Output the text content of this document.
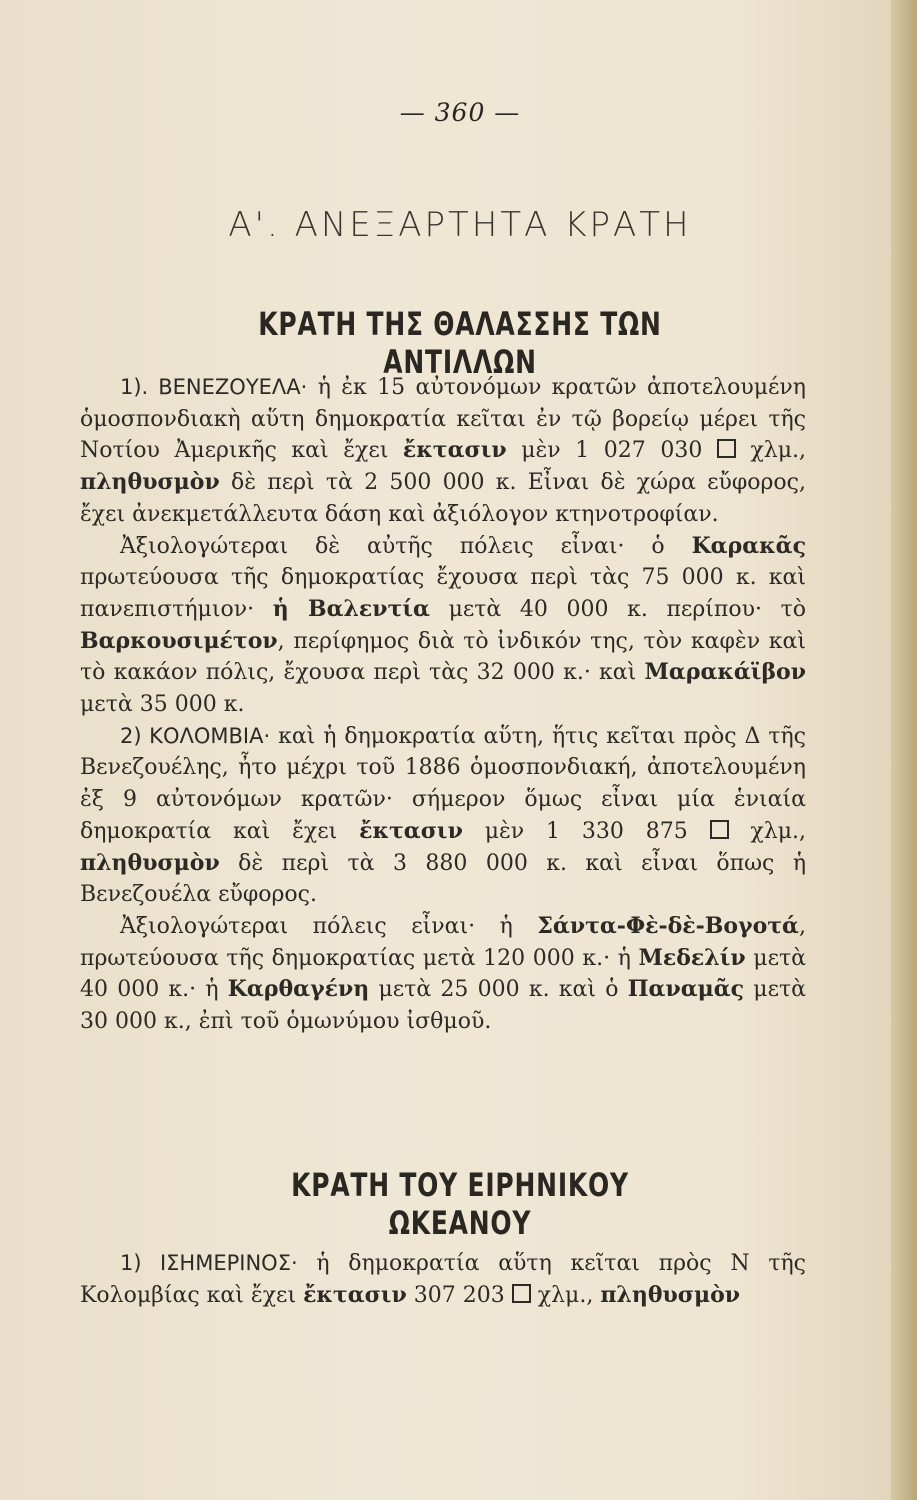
— 360 —
Α'. ΑΝΕΞΑΡΤΗΤΑ ΚΡΑΤΗ
ΚΡΑΤΗ ΤΗΣ ΘΑΛΑΣΣΗΣ ΤΩΝ ΑΝΤΙΛΛΩΝ

1). ΒΕΝΕΖΟΥΕΛΑ· ἡ ἐκ 15 αὐτονόμων κρατῶν ἀποτελουμένη ὁμοσπονδιακὴ αὕτη δημοκρατία κεῖται ἐν τῷ βορείῳ μέρει τῆς Νοτίου Ἀμερικῆς καὶ ἔχει ἔκτασιν μὲν 1 027 030  χλμ., πληθυσμὸν δὲ περὶ τὰ 2 500 000 κ. Εἶναι δὲ χώρα εὔφορος, ἔχει ἀνεκμετάλλευτα δάση καὶ ἀξιόλογον κτηνοτροφίαν.

Ἀξιολογώτεραι δὲ αὐτῆς πόλεις εἶναι· ὁ Καρακᾶς πρωτεύουσα τῆς δημοκρατίας ἔχουσα περὶ τὰς 75 000 κ. καὶ πανεπιστήμιον· ἡ Βαλεντία μετὰ 40 000 κ. περίπου· τὸ Βαρκουσιμέτον, περίφημος διὰ τὸ ἰνδικόν της, τὸν καφὲν καὶ τὸ κακάον πόλις, ἔχουσα περὶ τὰς 32 000 κ.· καὶ Μαρακάϊβον μετὰ 35 000 κ.

2) ΚΟΛΟΜΒΙΑ· καὶ ἡ δημοκρατία αὕτη, ἥτις κεῖται πρὸς Δ τῆς Βενεζουέλης, ἦτο μέχρι τοῦ 1886 ὁμοσπονδιακή, ἀποτελουμένη ἐξ 9 αὐτονόμων κρατῶν· σήμερον ὅμως εἶναι μία ἑνιαία δημοκρατία καὶ ἔχει ἔκτασιν μὲν 1 330 875  χλμ., πληθυσμὸν δὲ περὶ τὰ 3 880 000 κ. καὶ εἶναι ὅπως ἡ Βενεζουέλα εὔφορος.

Ἀξιολογώτεραι πόλεις εἶναι· ἡ Σάντα-Φὲ-δὲ-Βογοτά, πρωτεύουσα τῆς δημοκρατίας μετὰ 120 000 κ.· ἡ Μεδελίν μετὰ 40 000 κ.· ἡ Καρθαγένη μετὰ 25 000 κ. καὶ ὁ Παναμᾶς μετὰ 30 000 κ., ἐπὶ τοῦ ὁμωνύμου ἰσθμοῦ.

ΚΡΑΤΗ ΤΟΥ ΕΙΡΗΝΙΚΟΥ ΩΚΕΑΝΟΥ

1) ΙΣΗΜΕΡΙΝΟΣ· ἡ δημοκρατία αὕτη κεῖται πρὸς Ν τῆς Κολομβίας καὶ ἔχει ἔκτασιν 307 203  χλμ., πληθυσμὸν
